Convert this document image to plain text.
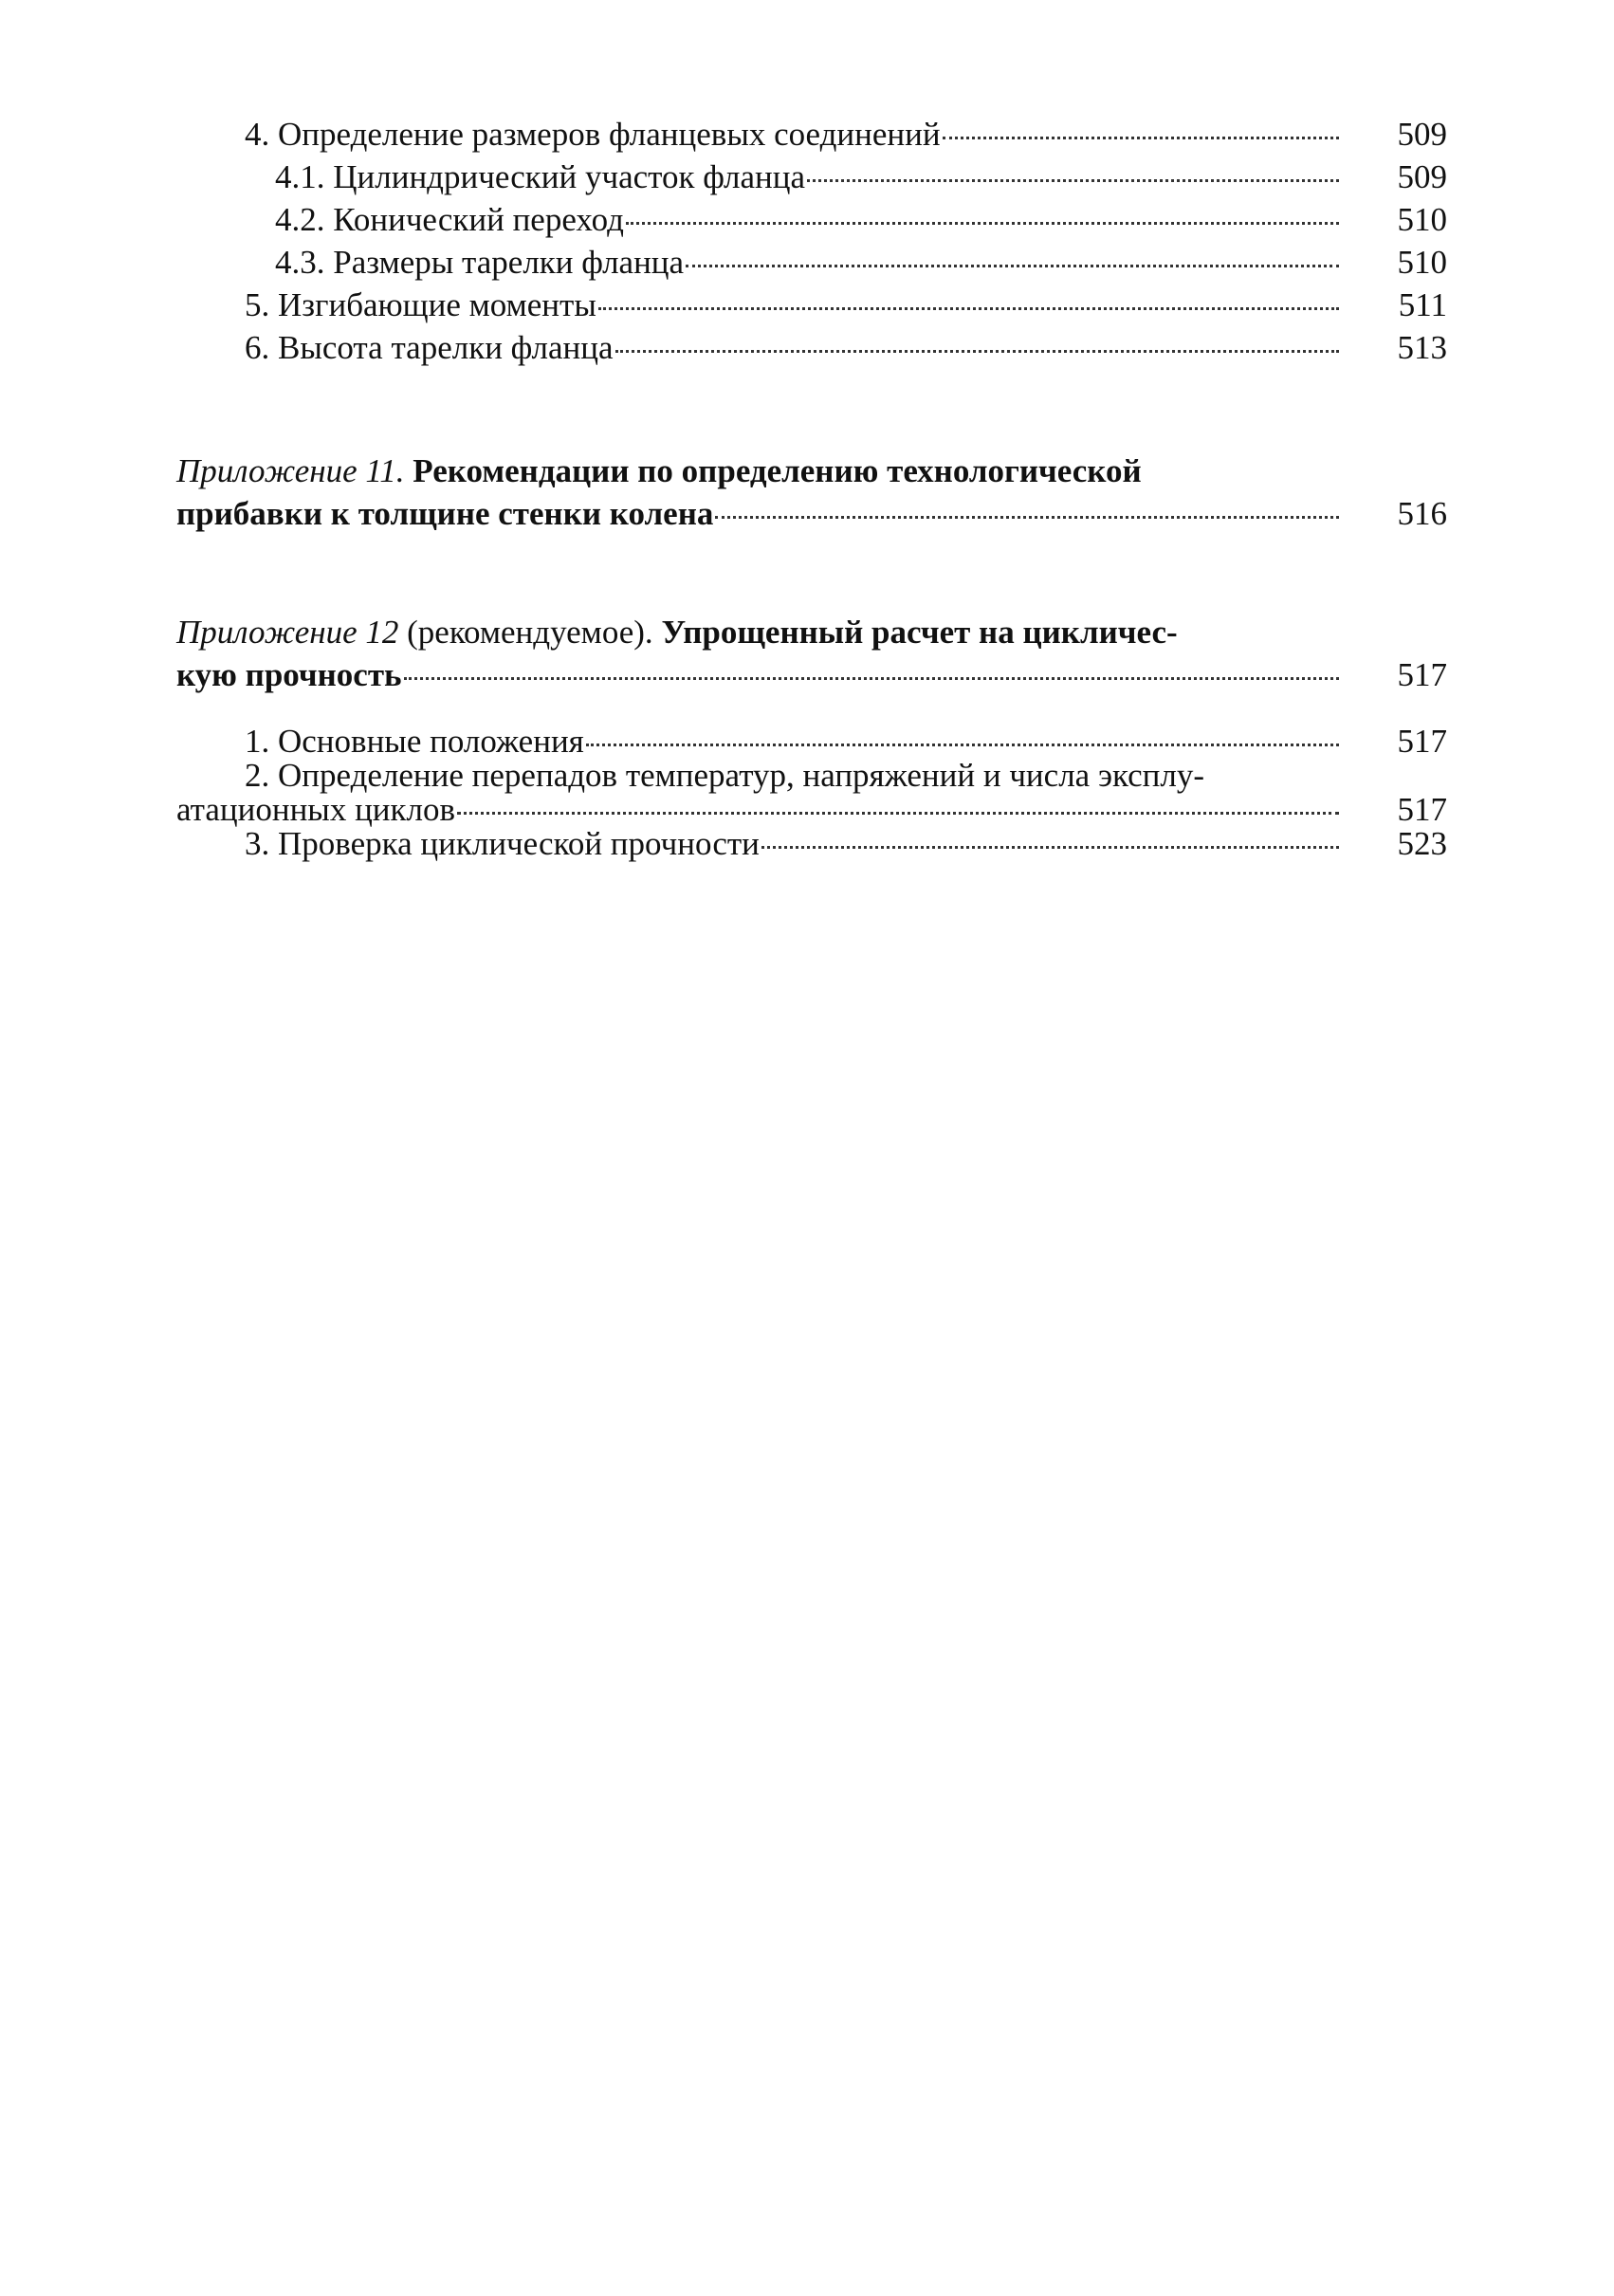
4. Определение размеров фланцевых соединений	509
4.1. Цилиндрический участок фланца	509
4.2. Конический переход	510
4.3. Размеры тарелки фланца	510
5. Изгибающие моменты	511
6. Высота тарелки фланца	513
Приложение 11. Рекомендации по определению технологической
прибавки к толщине стенки колена	516
Приложение 12 (рекомендуемое). Упрощенный расчет на цикличес-
кую прочность	517
1. Основные положения	517
2. Определение перепадов температур, напряжений и числа эксплу-
атационных циклов	517
3. Проверка циклической прочности	523
